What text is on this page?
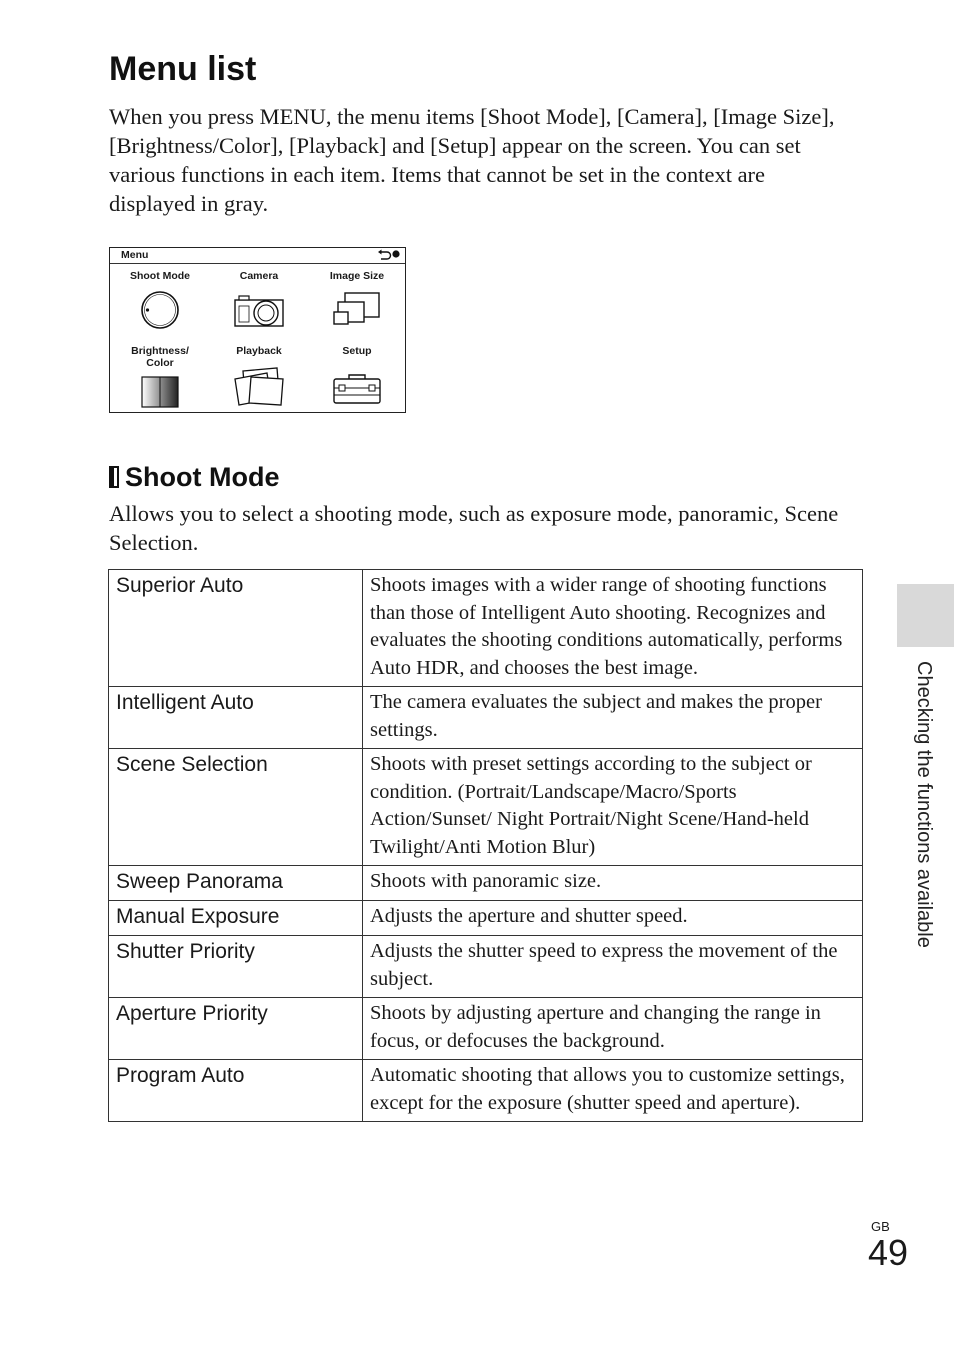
Menu list

When you press MENU, the menu items [Shoot Mode], [Camera], [Image Size], [Brightness/Color], [Playback] and [Setup] appear on the screen. You can set various functions in each item. Items that cannot be set in the context are displayed in gray.

Menu
Shoot Mode	Camera	Image Size
Brightness/
Color
Playback	Setup
Shoot Mode

Allows you to select a shooting mode, such as exposure mode, panoramic, Scene Selection.

Superior Auto	Shoots images with a wider range of shooting functions than those of Intelligent Auto shooting. Recognizes and evaluates the shooting conditions automatically, performs Auto HDR, and chooses the best image.
Intelligent Auto	The camera evaluates the subject and makes the proper settings.
Scene Selection	Shoots with preset settings according to the subject or condition. (Portrait/Landscape/Macro/Sports Action/Sunset/ Night Portrait/Night Scene/Hand-held Twilight/Anti Motion Blur)
Sweep Panorama	Shoots with panoramic size.
Manual Exposure	Adjusts the aperture and shutter speed.
Shutter Priority	Adjusts the shutter speed to express the movement of the subject.
Aperture Priority	Shoots by adjusting aperture and changing the range in focus, or defocuses the background.
Program Auto	Automatic shooting that allows you to customize settings, except for the exposure (shutter speed and aperture).
Checking the functions available
GB
49
